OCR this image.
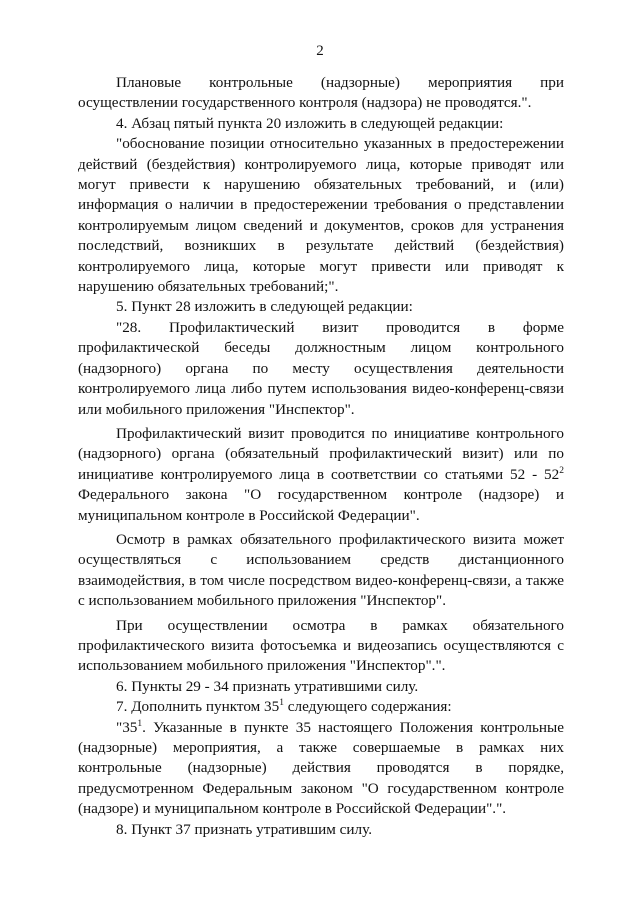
2

Плановые контрольные (надзорные) мероприятия при осуществлении государственного контроля (надзора) не проводятся.".

4. Абзац пятый пункта 20 изложить в следующей редакции:

"обоснование позиции относительно указанных в предостережении действий (бездействия) контролируемого лица, которые приводят или могут привести к нарушению обязательных требований, и (или) информация о наличии в предостережении требования о представлении контролируемым лицом сведений и документов, сроков для устранения последствий, возникших в результате действий (бездействия) контролируемого лица, которые могут привести или приводят к нарушению обязательных требований;".

5. Пункт 28 изложить в следующей редакции:

"28. Профилактический визит проводится в форме профилактической беседы должностным лицом контрольного (надзорного) органа по месту осуществления деятельности контролируемого лица либо путем использования видео-конференц-связи или мобильного приложения "Инспектор".

Профилактический визит проводится по инициативе контрольного (надзорного) органа (обязательный профилактический визит) или по инициативе контролируемого лица в соответствии со статьями $52 - 52^2$ Федерального закона "О государственном контроле (надзоре) и муниципальном контроле в Российской Федерации".

Осмотр в рамках обязательного профилактического визита может осуществляться с использованием средств дистанционного взаимодействия, в том числе посредством видео-конференц-связи, а также с использованием мобильного приложения "Инспектор".

При осуществлении осмотра в рамках обязательного профилактического визита фотосъемка и видеозапись осуществляются с использованием мобильного приложения "Инспектор".".

6. Пункты 29 - 34 признать утратившими силу.

7. Дополнить пунктом $35^1$ следующего содержания:

"$35^1$. Указанные в пункте 35 настоящего Положения контрольные (надзорные) мероприятия, а также совершаемые в рамках них контрольные (надзорные) действия проводятся в порядке, предусмотренном Федеральным законом "О государственном контроле (надзоре) и муниципальном контроле в Российской Федерации".".

8. Пункт 37 признать утратившим силу.
